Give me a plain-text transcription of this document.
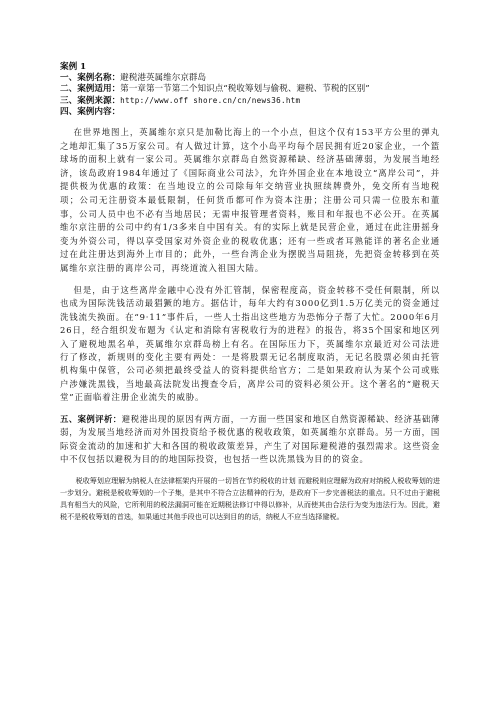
案例 1
一、案例名称：避税港英属维尔京群岛
二、案例适用：第一章第一节第二个知识点“税收筹划与偷税、避税、节税的区别”
三、案例来源：http://www.off shore.cn/cn/news36.htm
四、案例内容：

在世界地图上，英属维尔京只是加勒比海上的一个小点，但这个仅有153平方公里的弹丸之地却汇集了35万家公司。有人做过计算，这个小岛平均每个居民拥有近20家企业，一个篮球场的面积上就有一家公司。英属维尔京群岛自然资源稀缺、经济基础薄弱，为发展当地经济，该岛政府1984年通过了《国际商业公司法》，允许外国企业在本地设立“离岸公司”，并提供极为优惠的政策：在当地设立的公司除每年交纳营业执照续牌费外，免交所有当地税项；公司无注册资本最低限制，任何货币都可作为资本注册；注册公司只需一位股东和董事，公司人员中也不必有当地居民；无需申报管理者资料，账目和年报也不必公开。在英属维尔京注册的公司中约有1/3多来自中国有关。有的实际上就是民营企业，通过在此注册摇身变为外资公司，得以享受国家对外资企业的税收优惠；还有一些或者耳熟能详的著名企业通过在此注册达到海外上市目的；此外，一些台湾企业为摆脱当局阻挠，先把资金转移到在英属维尔京注册的离岸公司，再绕道流入祖国大陆。

但是，由于这些离岸金融中心没有外汇管制，保密程度高，资金转移不受任何限制，所以也成为国际洗钱活动最猖獗的地方。据估计，每年大约有3000亿到1.5万亿美元的资金通过洗钱流失换面。在“9·11”事件后，一些人士指出这些地方为恐怖分子帮了大忙。2000年6月26日，经合组织发布题为《认定和消除有害税收行为的进程》的报告，将35个国家和地区列入了避税地黑名单，英属维尔京群岛榜上有名。在国际压力下，英属维尔京最近对公司法进行了修改，新规则的变化主要有两处：一是将股票无记名制度取消，无记名股票必须由托管机构集中保管，公司必须把最终受益人的资料提供给官方；二是如果政府认为某个公司或账户涉嫌洗黑钱，当地最高法院发出搜查令后，离岸公司的资料必须公开。这个著名的“避税天堂”正面临着注册企业流失的威胁。

五、案例评析：避税港出现的原因有两方面，一方面一些国家和地区自然资源稀缺、经济基础薄弱，为发展当地经济而对外国投资给予极优惠的税收政策，如英属维尔京群岛。另一方面，国际资金流动的加速和扩大和各国的税收政策差异，产生了对国际避税港的强烈需求。这些资金中不仅包括以避税为目的的地国际投资，也包括一些以洗黑钱为目的的资金。

税收筹划应理解为纳税人在法律框架内开展的一切旨在节约税收的计划 而避税则应理解为政府对纳税人税收筹划的进一步划分。避税是税收筹划的一个子集，是其中不符合立法精神的行为，是政府下一步完善税法的重点。只不过由于避税具有相当大的风险，它所利用的税法漏洞可能在近期税法修订中得以修补，从而使其由合法行为变为违法行为。因此，避税不是税收筹划的首选，如果通过其他手段也可以达到目的的话，纳税人不应当选择避税。
